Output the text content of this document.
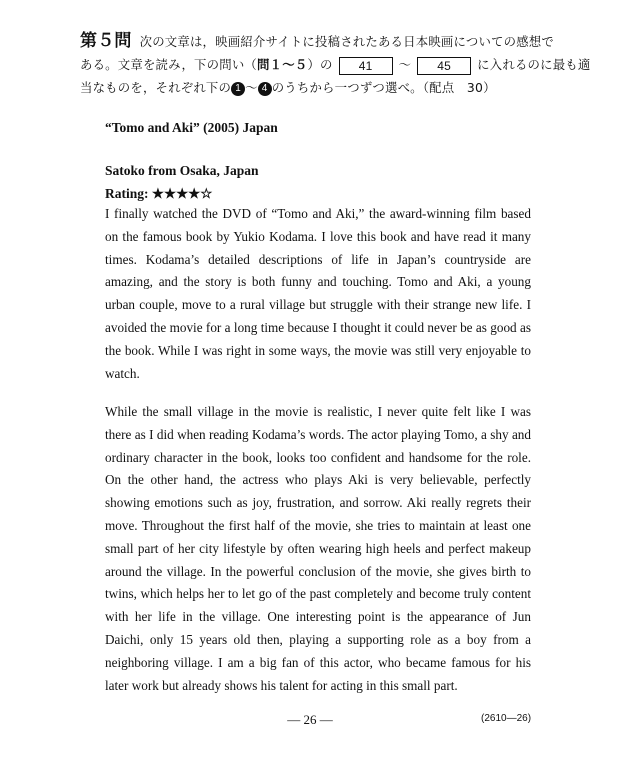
第５問 次の文章は，映画紹介サイトに投稿されたある日本映画についての感想で
ある。文章を読み，下の問い（問１〜５）の 41 〜 45 に入れるのに最も適
当なものを，それぞれ下の 1 〜 4 のうちから一つずつ選べ。（配点　30）
“Tomo and Aki” (2005) Japan
Satoko from Osaka, Japan
Rating: ★★★★☆
I finally watched the DVD of “Tomo and Aki,” the award-winning film based on the famous book by Yukio Kodama. I love this book and have read it many times. Kodama’s detailed descriptions of life in Japan’s countryside are amazing, and the story is both funny and touching. Tomo and Aki, a young urban couple, move to a rural village but struggle with their strange new life. I avoided the movie for a long time because I thought it could never be as good as the book. While I was right in some ways, the movie was still very enjoyable to watch.
While the small village in the movie is realistic, I never quite felt like I was there as I did when reading Kodama’s words. The actor playing Tomo, a shy and ordinary character in the book, looks too confident and handsome for the role. On the other hand, the actress who plays Aki is very believable, perfectly showing emotions such as joy, frustration, and sorrow. Aki really regrets their move. Throughout the first half of the movie, she tries to maintain at least one small part of her city lifestyle by often wearing high heels and perfect makeup around the village. In the powerful conclusion of the movie, she gives birth to twins, which helps her to let go of the past completely and become truly content with her life in the village. One interesting point is the appearance of Jun Daichi, only 15 years old then, playing a supporting role as a boy from a neighboring village. I am a big fan of this actor, who became famous for his later work but already shows his talent for acting in this small part.
— 26 —	(2610—26)
